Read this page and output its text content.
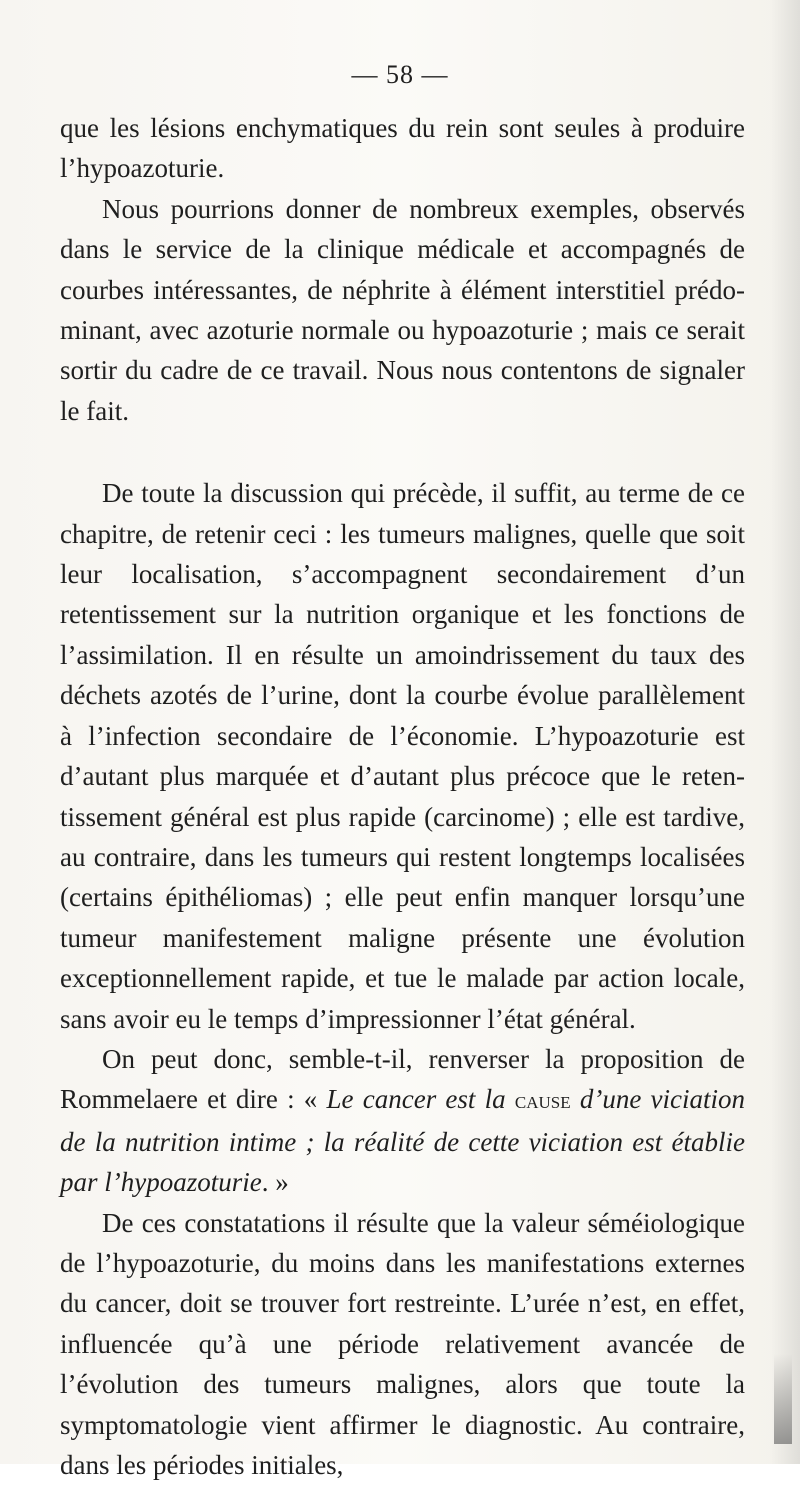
— 58 —

que les lésions enchymatiques du rein sont seules à produire l’hypoazoturie.

Nous pourrions donner de nombreux exemples, observés dans le service de la clinique médicale et accompagnés de courbes intéressantes, de néphrite à élément interstitiel prédominant, avec azoturie normale ou hypoazoturie ; mais ce serait sortir du cadre de ce travail. Nous nous contentons de signaler le fait.

De toute la discussion qui précède, il suffit, au terme de ce chapitre, de retenir ceci : les tumeurs malignes, quelle que soit leur localisation, s’accompagnent secondairement d’un retentissement sur la nutrition organique et les fonctions de l’assimilation. Il en résulte un amoindrissement du taux des déchets azotés de l’urine, dont la courbe évolue parallèlement à l’infection secondaire de l’économie. L’hypoazoturie est d’autant plus marquée et d’autant plus précoce que le retentissement général est plus rapide (carcinome) ; elle est tardive, au contraire, dans les tumeurs qui restent longtemps localisées (certains épithéliomas) ; elle peut enfin manquer lorsqu’une tumeur manifestement maligne présente une évolution exceptionnellement rapide, et tue le malade par action locale, sans avoir eu le temps d’impressionner l’état général.

On peut donc, semble-t-il, renverser la proposition de Rommelaere et dire : « Le cancer est la cause d’une viciation de la nutrition intime ; la réalité de cette viciation est établie par l’hypoazoturie. »

De ces constatations il résulte que la valeur séméiologique de l’hypoazoturie, du moins dans les manifestations externes du cancer, doit se trouver fort restreinte. L’urée n’est, en effet, influencée qu’à une période relativement avancée de l’évolution des tumeurs malignes, alors que toute la symptomatologie vient affirmer le diagnostic. Au contraire, dans les périodes initiales,
